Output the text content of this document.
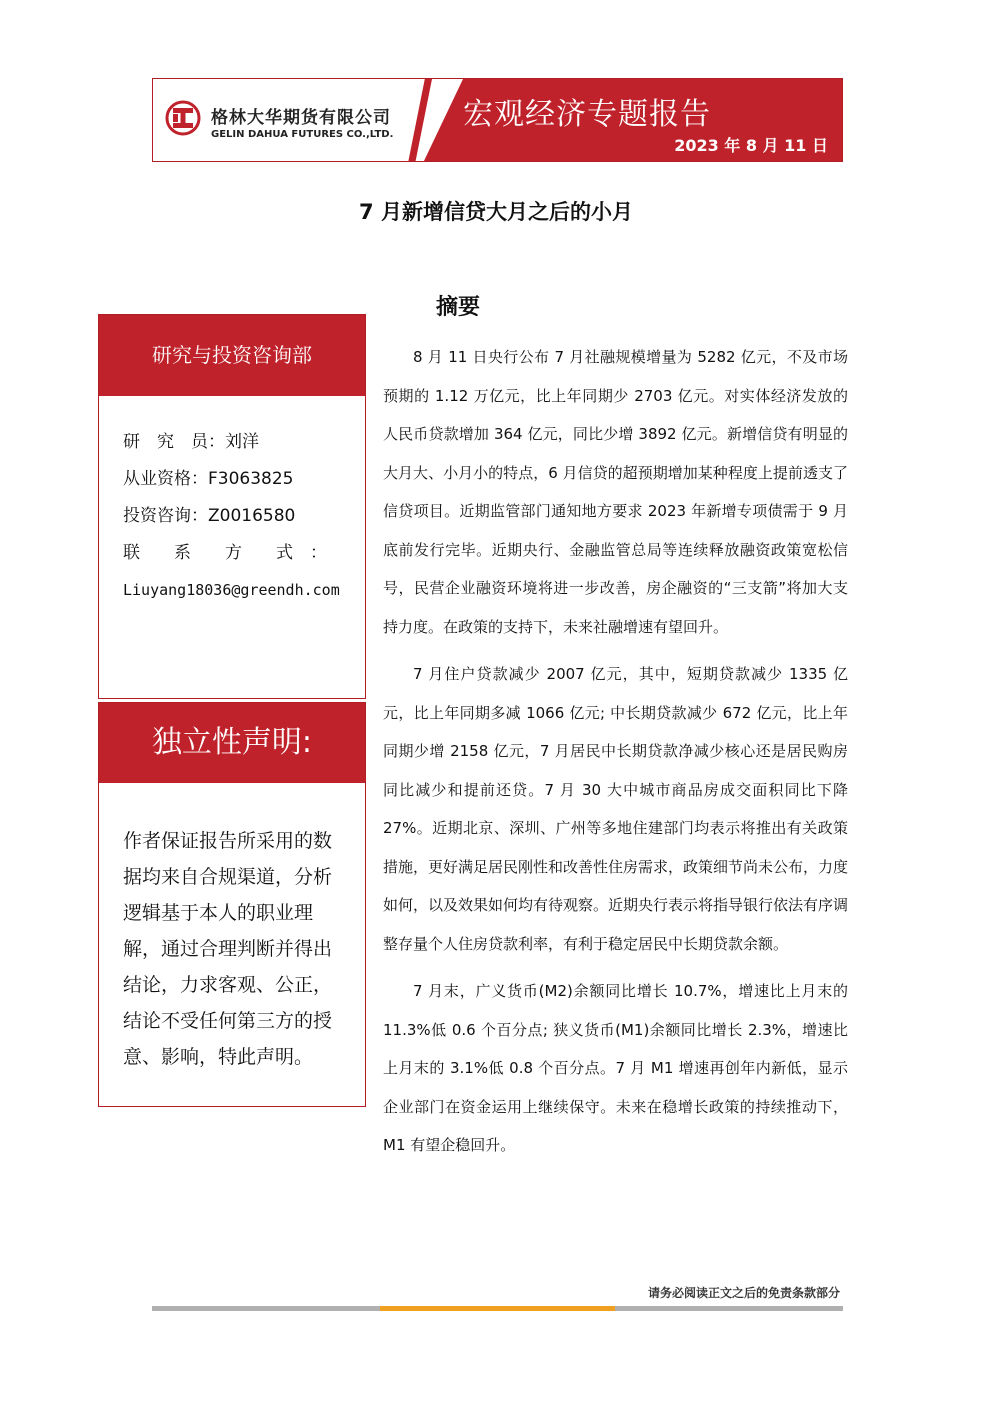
格林大华期货有限公司
GELIN DAHUA FUTURES CO.,LTD.
宏观经济专题报告
2023 年 8 月 11 日
7 月新增信贷大月之后的小月
摘要
研究与投资咨询部
研　究　员：刘洋
从业资格：F3063825
投资咨询：Z0016580
联　　系　　方　　式　：
Liuyang18036@greendh.com
独立性声明:
作者保证报告所采用的数据均来自合规渠道，分析逻辑基于本人的职业理解，通过合理判断并得出结论，力求客观、公正，结论不受任何第三方的授意、影响，特此声明。

8 月 11 日央行公布 7 月社融规模增量为 5282 亿元，不及市场预期的 1.12 万亿元，比上年同期少 2703 亿元。对实体经济发放的人民币贷款增加 364 亿元，同比少增 3892 亿元。新增信贷有明显的大月大、小月小的特点，6 月信贷的超预期增加某种程度上提前透支了信贷项目。近期监管部门通知地方要求 2023 年新增专项债需于 9 月底前发行完毕。近期央行、金融监管总局等连续释放融资政策宽松信号，民营企业融资环境将进一步改善，房企融资的“三支箭”将加大支持力度。在政策的支持下，未来社融增速有望回升。

7 月住户贷款减少 2007 亿元，其中，短期贷款减少 1335 亿元，比上年同期多减 1066 亿元; 中长期贷款减少 672 亿元，比上年同期少增 2158 亿元，7 月居民中长期贷款净减少核心还是居民购房同比减少和提前还贷。7 月 30 大中城市商品房成交面积同比下降 27%。近期北京、深圳、广州等多地住建部门均表示将推出有关政策措施，更好满足居民刚性和改善性住房需求，政策细节尚未公布，力度如何，以及效果如何均有待观察。近期央行表示将指导银行依法有序调整存量个人住房贷款利率，有利于稳定居民中长期贷款余额。

7 月末，广义货币(M2)余额同比增长 10.7%，增速比上月末的 11.3%低 0.6 个百分点; 狭义货币(M1)余额同比增长 2.3%，增速比上月末的 3.1%低 0.8 个百分点。7 月 M1 增速再创年内新低，显示企业部门在资金运用上继续保守。未来在稳增长政策的持续推动下，M1 有望企稳回升。

请务必阅读正文之后的免责条款部分
